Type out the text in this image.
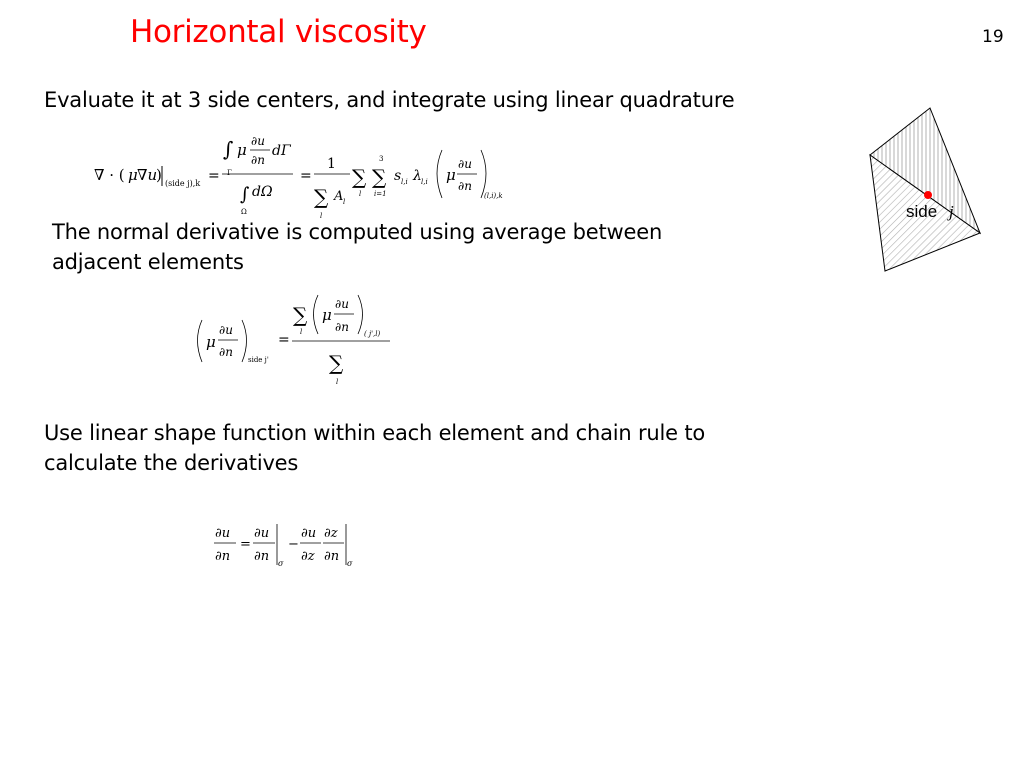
Horizontal viscosity	19
Evaluate it at 3 side centers, and integrate using linear quadrature
The normal derivative is computed using average between
adjacent elements
Use linear shape function within each element and chain rule to
calculate the derivatives
∇ · ( μ ∇u
) (side j),k =
∫
Γ
μ ∂u
∂n
dΓ
∫ dΩ
Ω
=
1
∑ A l
l
∑
l
∑
3
i=1
s l,i λ l,i μ
∂u
∂n
(l,i),k
μ
∂u
∂n
side j'
=
∑
l
μ
∂u
∂n ( j',l)
∑
l
∂u
∂n
=
∂u
∂n σ
−
∂u
∂z
∂z
∂n σ
side j
